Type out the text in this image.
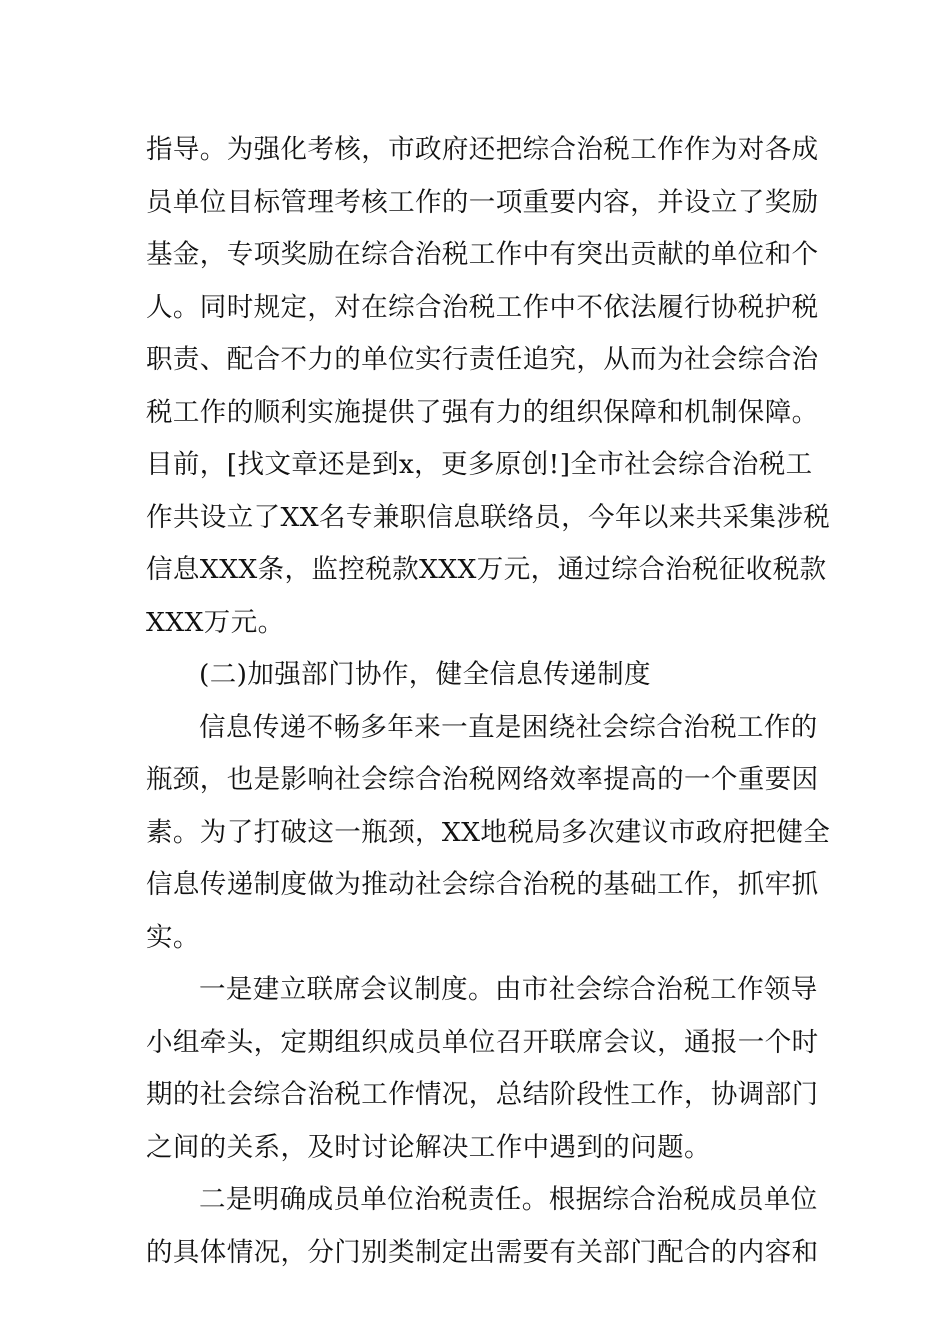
指导。为强化考核，市政府还把综合治税工作作为对各成
员单位目标管理考核工作的一项重要内容，并设立了奖励
基金，专项奖励在综合治税工作中有突出贡献的单位和个
人。同时规定，对在综合治税工作中不依法履行协税护税
职责、配合不力的单位实行责任追究，从而为社会综合治
税工作的顺利实施提供了强有力的组织保障和机制保障。
目前，[找文章还是到x，更多原创!]全市社会综合治税工
作共设立了XX名专兼职信息联络员，今年以来共采集涉税
信息XXX条，监控税款XXX万元，通过综合治税征收税款
XXX万元。
(二)加强部门协作，健全信息传递制度
信息传递不畅多年来一直是困绕社会综合治税工作的
瓶颈，也是影响社会综合治税网络效率提高的一个重要因
素。为了打破这一瓶颈，XX地税局多次建议市政府把健全
信息传递制度做为推动社会综合治税的基础工作，抓牢抓
实。
一是建立联席会议制度。由市社会综合治税工作领导
小组牵头，定期组织成员单位召开联席会议，通报一个时
期的社会综合治税工作情况，总结阶段性工作，协调部门
之间的关系，及时讨论解决工作中遇到的问题。
二是明确成员单位治税责任。根据综合治税成员单位
的具体情况，分门别类制定出需要有关部门配合的内容和
